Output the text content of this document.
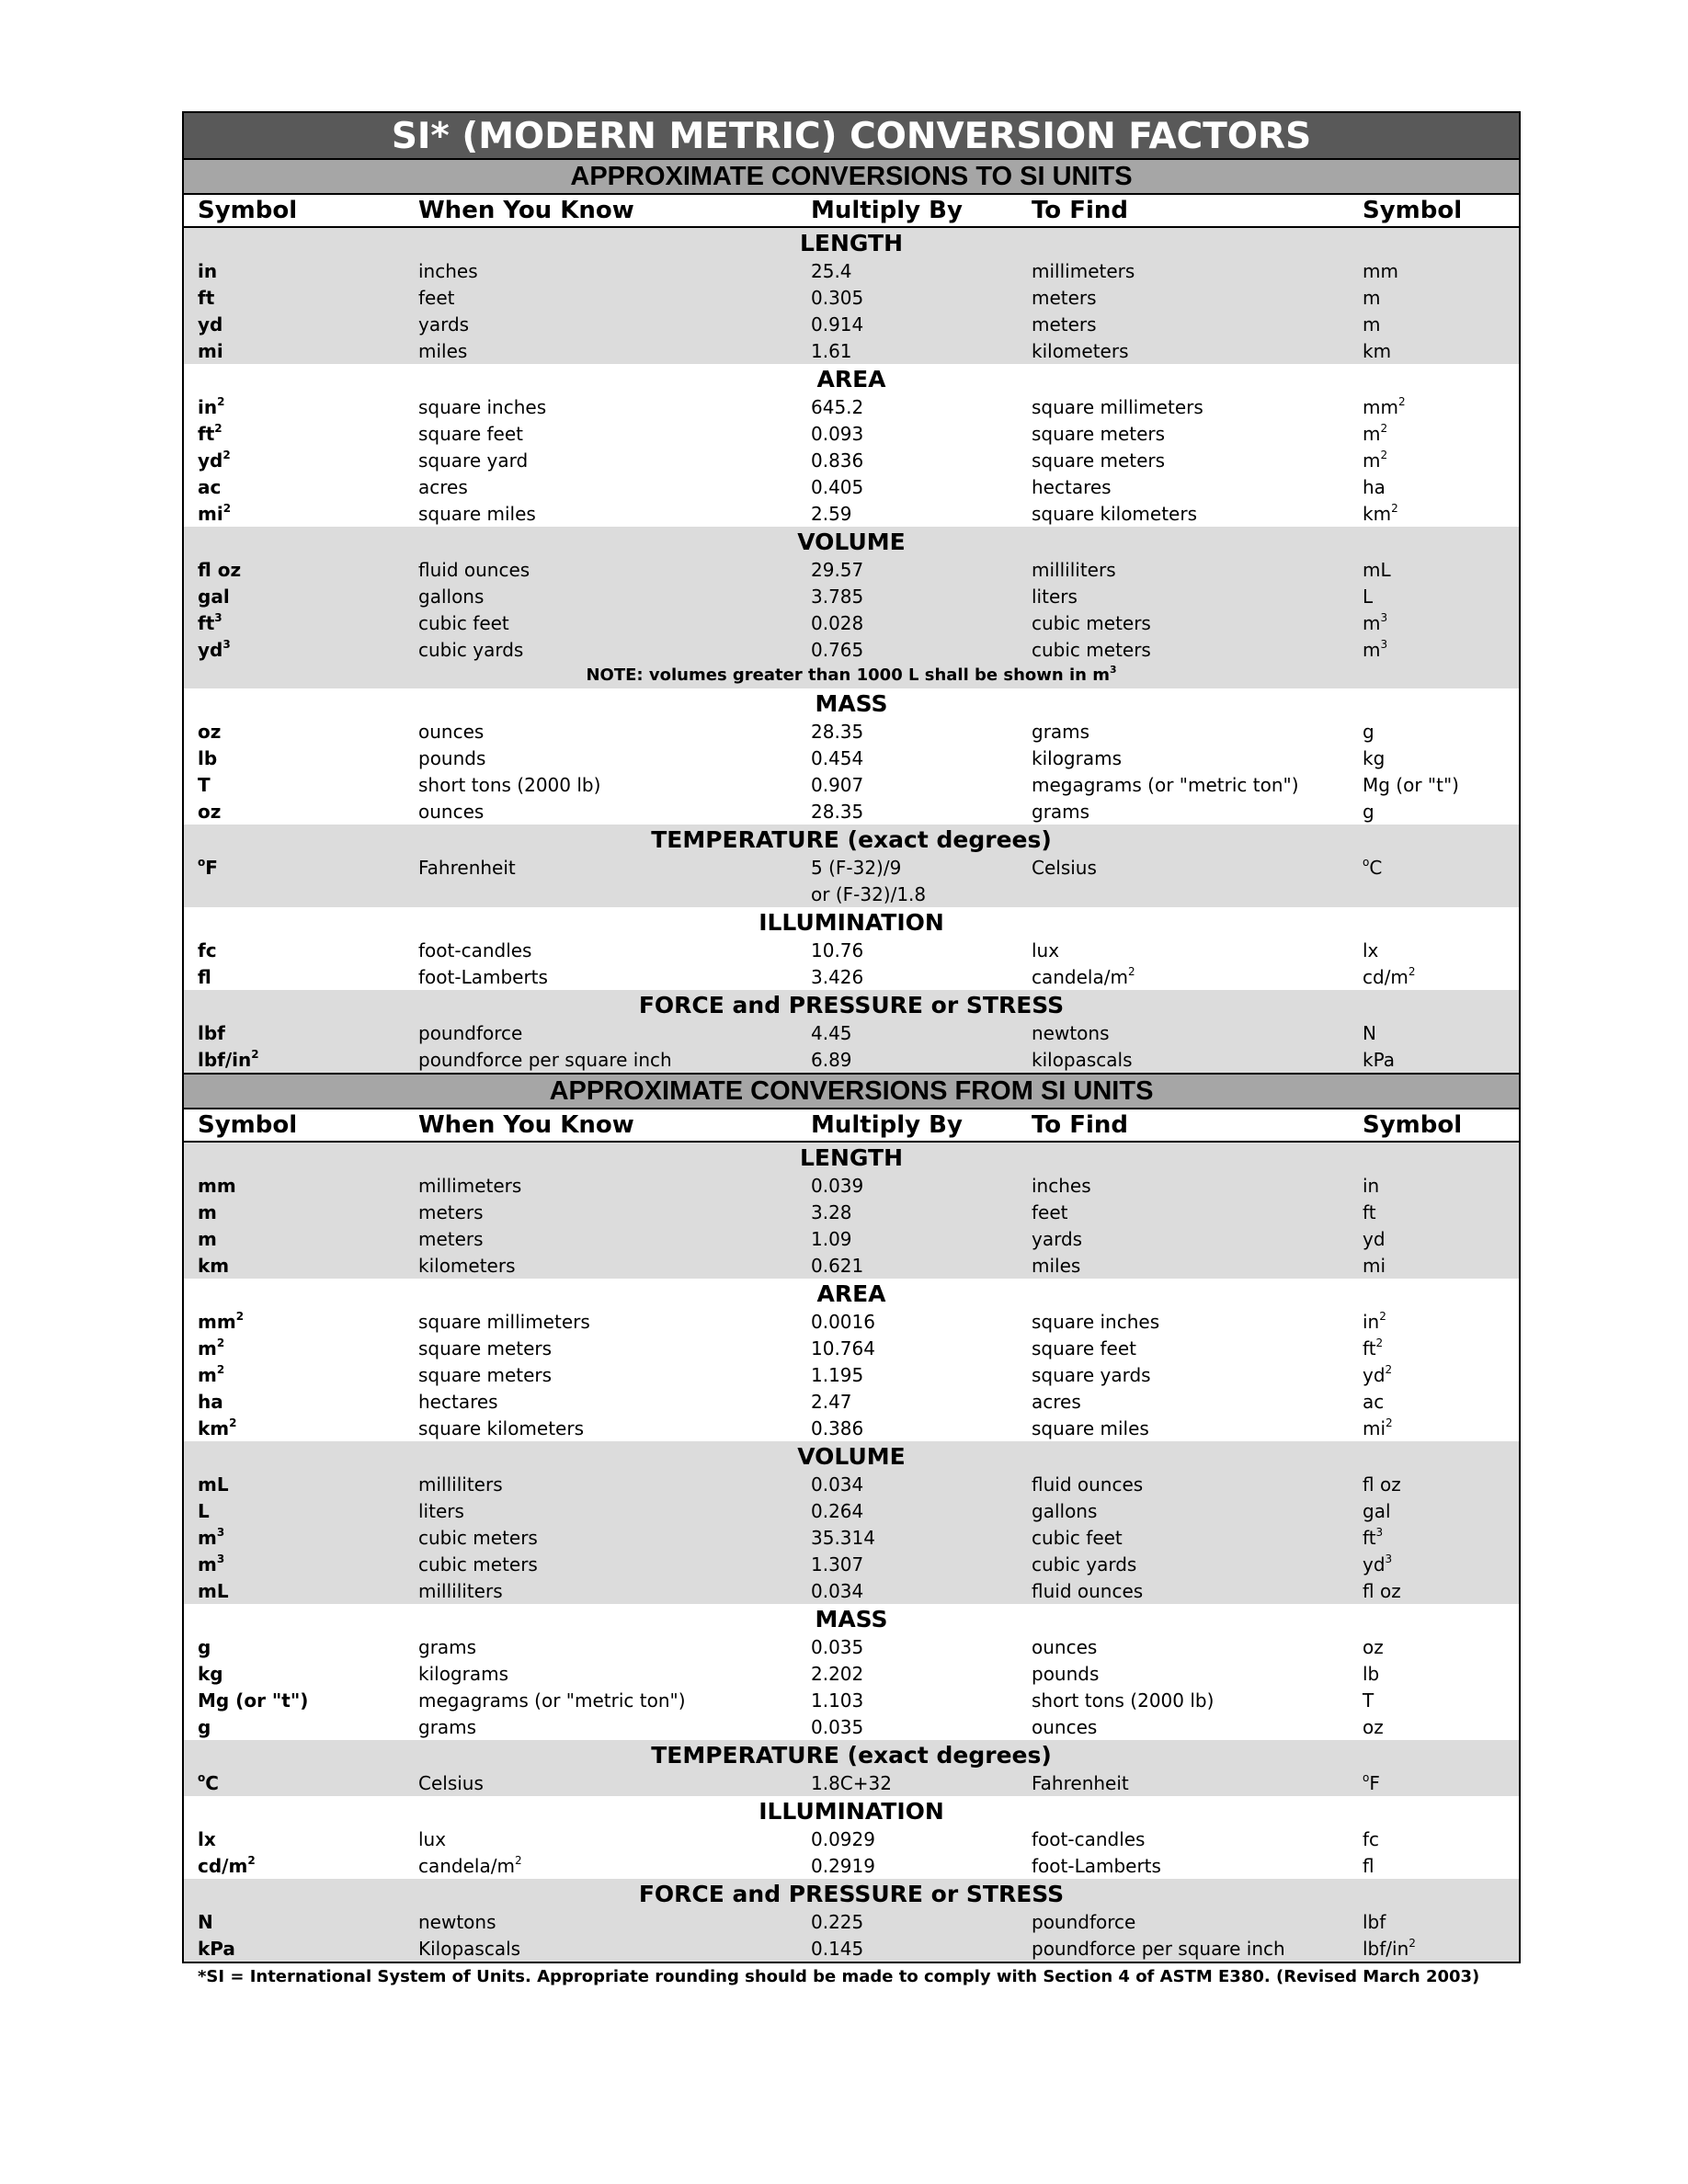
SI* (MODERN METRIC) CONVERSION FACTORS
APPROXIMATE CONVERSIONS TO SI UNITS
Symbol	When You Know	Multiply By	To Find	Symbol
LENGTH
in	inches	25.4	millimeters	mm
ft	feet	0.305	meters	m
yd	yards	0.914	meters	m
mi	miles	1.61	kilometers	km
AREA
$in^2$	square inches	645.2	square millimeters	$mm^2$
$ft^2$	square feet	0.093	square meters	$m^2$
$yd^2$	square yard	0.836	square meters	$m^2$
ac	acres	0.405	hectares	ha
$mi^2$	square miles	2.59	square kilometers	$km^2$
VOLUME
fl oz	fluid ounces	29.57	milliliters	mL
gal	gallons	3.785	liters	L
$ft^3$	cubic feet	0.028	cubic meters	$m^3$
$yd^3$	cubic yards	0.765	cubic meters	$m^3$
NOTE: volumes greater than 1000 L shall be shown in $m^3$
MASS
oz	ounces	28.35	grams	g
lb	pounds	0.454	kilograms	kg
T	short tons (2000 lb)	0.907	megagrams (or "metric ton")	Mg (or "t")
oz	ounces	28.35	grams	g
TEMPERATURE (exact degrees)
$^o$F	Fahrenheit	5 (F-32)/9	Celsius	$^o$C
or (F-32)/1.8
ILLUMINATION
fc	foot-candles	10.76	lux	lx
fl	foot-Lamberts	3.426	candela/$m^2$	$cd/m^2$
FORCE and PRESSURE or STRESS
lbf	poundforce	4.45	newtons	N
lbf/$in^2$	poundforce per square inch	6.89	kilopascals	kPa
APPROXIMATE CONVERSIONS FROM SI UNITS
Symbol	When You Know	Multiply By	To Find	Symbol
LENGTH
mm	millimeters	0.039	inches	in
m	meters	3.28	feet	ft
m	meters	1.09	yards	yd
km	kilometers	0.621	miles	mi
AREA
$mm^2$	square millimeters	0.0016	square inches	$in^2$
$m^2$	square meters	10.764	square feet	$ft^2$
$m^2$	square meters	1.195	square yards	$yd^2$
ha	hectares	2.47	acres	ac
$km^2$	square kilometers	0.386	square miles	$mi^2$
VOLUME
mL	milliliters	0.034	fluid ounces	fl oz
L	liters	0.264	gallons	gal
$m^3$	cubic meters	35.314	cubic feet	$ft^3$
$m^3$	cubic meters	1.307	cubic yards	$yd^3$
mL	milliliters	0.034	fluid ounces	fl oz
MASS
g	grams	0.035	ounces	oz
kg	kilograms	2.202	pounds	lb
Mg (or "t")	megagrams (or "metric ton")	1.103	short tons (2000 lb)	T
g	grams	0.035	ounces	oz
TEMPERATURE (exact degrees)
$^o$C	Celsius	1.8C+32	Fahrenheit	$^o$F
ILLUMINATION
lx	lux	0.0929	foot-candles	fc
$cd/m^2$	candela/$m^2$	0.2919	foot-Lamberts	fl
FORCE and PRESSURE or STRESS
N	newtons	0.225	poundforce	lbf
kPa	Kilopascals	0.145	poundforce per square inch	lbf/$in^2$
*SI = International System of Units. Appropriate rounding should be made to comply with Section 4 of ASTM E380. (Revised March 2003)
